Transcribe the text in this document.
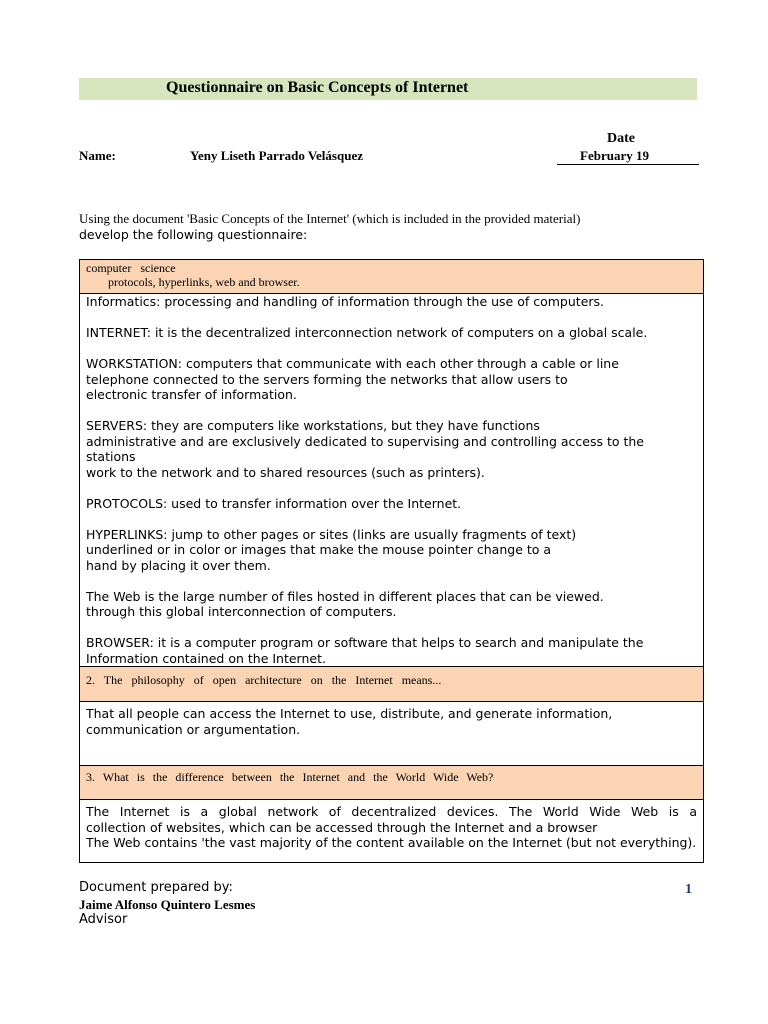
Questionnaire on Basic Concepts of Internet
Name:	Yeny Liseth Parrado Velásquez
Date
February 19
Using the document 'Basic Concepts of the Internet' (which is included in the provided material)
develop the following questionnaire:
computer   science
protocols, hyperlinks, web and browser.

Informatics: processing and handling of information through the use of computers.

INTERNET: it is the decentralized interconnection network of computers on a global scale.

WORKSTATION: computers that communicate with each other through a cable or line
telephone connected to the servers forming the networks that allow users to
electronic transfer of information.

SERVERS: they are computers like workstations, but they have functions
administrative and are exclusively dedicated to supervising and controlling access to the stations
work to the network and to shared resources (such as printers).

PROTOCOLS: used to transfer information over the Internet.

HYPERLINKS: jump to other pages or sites (links are usually fragments of text)
underlined or in color or images that make the mouse pointer change to a
hand by placing it over them.

The Web is the large number of files hosted in different places that can be viewed.
through this global interconnection of computers.

BROWSER: it is a computer program or software that helps to search and manipulate the
Information contained on the Internet.

2. The philosophy of open architecture on the Internet means...
That all people can access the Internet to use, distribute, and generate information,
communication or argumentation.
3. What is the difference between the Internet and the World Wide Web?
The Internet is a global network of decentralized devices. The World Wide Web is a
collection of websites, which can be accessed through the Internet and a browser
The Web contains 'the vast majority of the content available on the Internet (but not everything).
Document prepared by:
Jaime Alfonso Quintero Lesmes
Advisor
1
